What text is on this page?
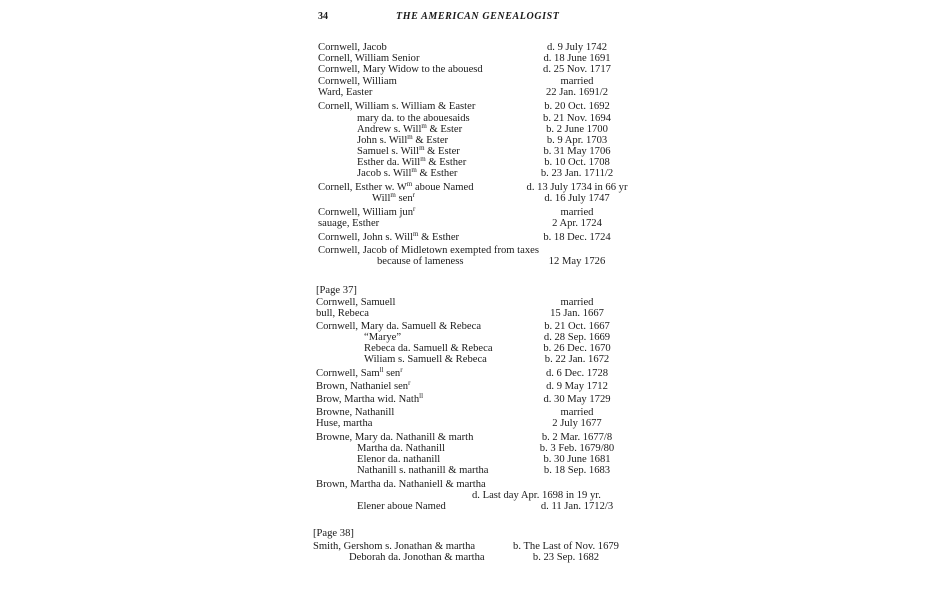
34	THE AMERICAN GENEALOGIST
Cornwell, Jacob	d. 9 July 1742
Cornell, William Senior	d. 18 June 1691
Cornwell, Mary Widow to the abouesd	d. 25 Nov. 1717
Cornwell, William	married
Ward, Easter	22 Jan. 1691/2
Cornell, William s. William & Easter	b. 20 Oct. 1692
mary da. to the abouesaids	b. 21 Nov. 1694
Andrew s. Will$^m$ & Ester	b. 2 June 1700
John s. Will$^m$ & Ester	b. 9 Apr. 1703
Samuel s. Will$^m$ & Ester	b. 31 May 1706
Esther da. Will$^m$ & Esther	b. 10 Oct. 1708
Jacob s. Will$^m$ & Esther	b. 23 Jan. 1711/2
Cornell, Esther w. $W^m$ aboue Named	d. 13 July 1734 in 66 yr
Will$^m$ sen$^r$	d. 16 July 1747
Cornwell, William jun$^r$	married
sauage, Esther	2 Apr. 1724
Cornwell, John s. Will$^m$ & Esther	b. 18 Dec. 1724
Cornwell, Jacob of Midletown exempted from taxes
because of lameness	12 May 1726
[Page 37]
Cornwell, Samuell	married
bull, Rebeca	15 Jan. 1667
Cornwell, Mary da. Samuell & Rebeca	b. 21 Oct. 1667
“Marye”	d. 28 Sep. 1669
Rebeca da. Samuell & Rebeca	b. 26 Dec. 1670
Wiliam s. Samuell & Rebeca	b. 22 Jan. 1672
Cornwell, Sam$^{ll}$ sen$^r$	d. 6 Dec. 1728
Brown, Nathaniel sen$^r$	d. 9 May 1712
Brow, Martha wid. Nath$^{ll}$	d. 30 May 1729
Browne, Nathanill	married
Huse, martha	2 July 1677
Browne, Mary da. Nathanill & marth	b. 2 Mar. 1677/8
Martha da. Nathanill	b. 3 Feb. 1679/80
Elenor da. nathanill	b. 30 June 1681
Nathanill s. nathanill & martha	b. 18 Sep. 1683
Brown, Martha da. Nathaniell & martha
d. Last day Apr. 1698 in 19 yr.
Elener aboue Named	d. 11 Jan. 1712/3
[Page 38]
Smith, Gershom s. Jonathan & martha	b. The Last of Nov. 1679
Deborah da. Jonothan & martha	b. 23 Sep. 1682
